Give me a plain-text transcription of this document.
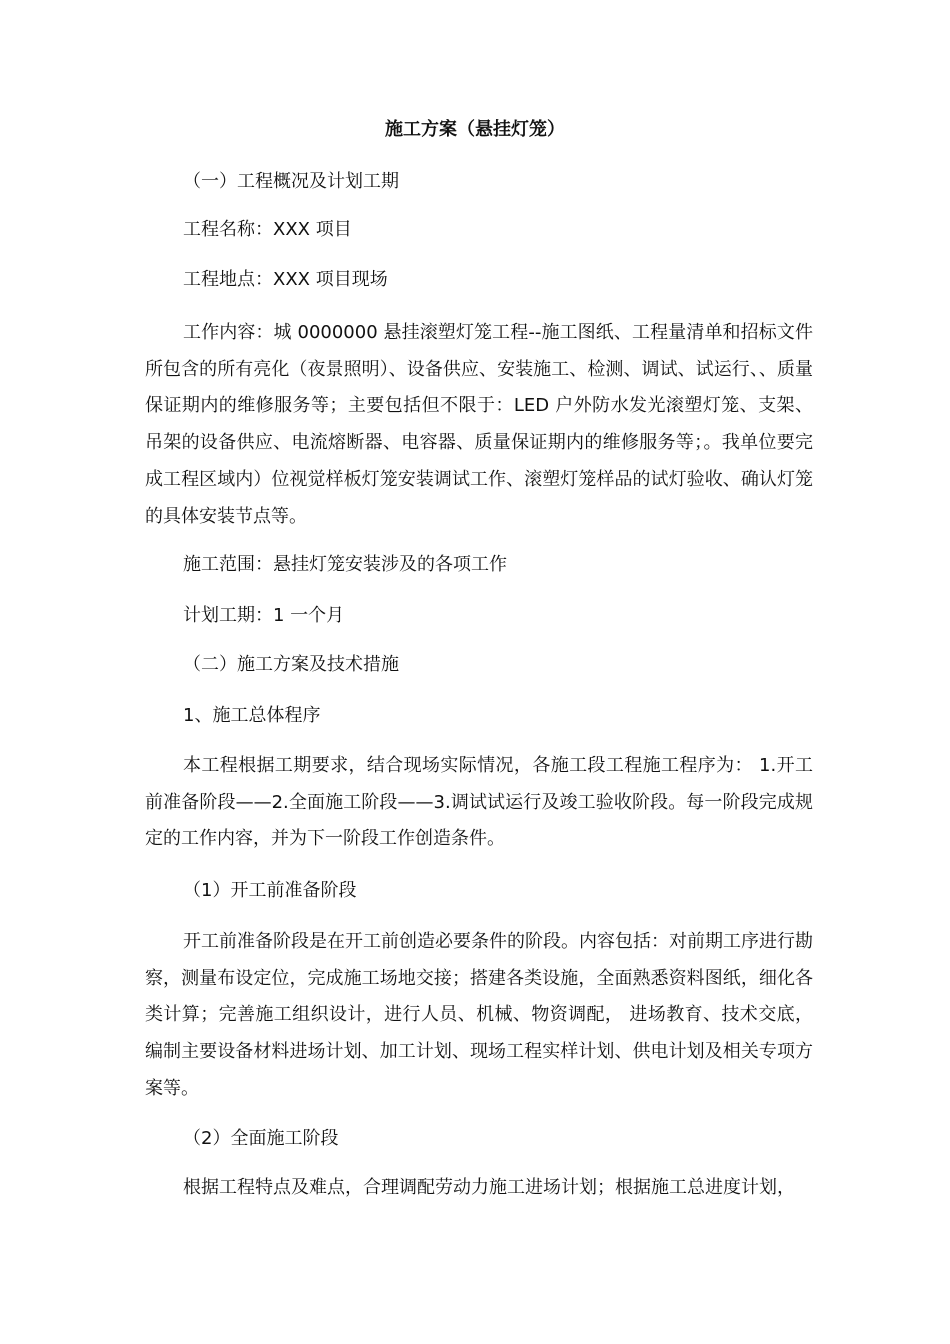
施工方案（悬挂灯笼）

（一）工程概况及计划工期

工程名称：XXX 项目

工程地点：XXX 项目现场

工作内容：城 0000000 悬挂滚塑灯笼工程--施工图纸、工程量清单和招标文件所包含的所有亮化（夜景照明）、设备供应、安装施工、检测、调试、试运行、、质量保证期内的维修服务等；主要包括但不限于：LED 户外防水发光滚塑灯笼、支架、吊架的设备供应、电流熔断器、电容器、质量保证期内的维修服务等；。我单位要完成工程区域内）位视觉样板灯笼安装调试工作、滚塑灯笼样品的试灯验收、确认灯笼的具体安装节点等。

施工范围：悬挂灯笼安装涉及的各项工作

计划工期：1 一个月

（二）施工方案及技术措施

1、施工总体程序

本工程根据工期要求，结合现场实际情况，各施工段工程施工程序为： 1.开工前准备阶段——2.全面施工阶段——3.调试试运行及竣工验收阶段。每一阶段完成规定的工作内容，并为下一阶段工作创造条件。

（1）开工前准备阶段

开工前准备阶段是在开工前创造必要条件的阶段。内容包括：对前期工序进行勘察，测量布设定位，完成施工场地交接；搭建各类设施，全面熟悉资料图纸，细化各类计算；完善施工组织设计，进行人员、机械、物资调配， 进场教育、技术交底，编制主要设备材料进场计划、加工计划、现场工程实样计划、供电计划及相关专项方案等。

（2）全面施工阶段

根据工程特点及难点，合理调配劳动力施工进场计划；根据施工总进度计划，
